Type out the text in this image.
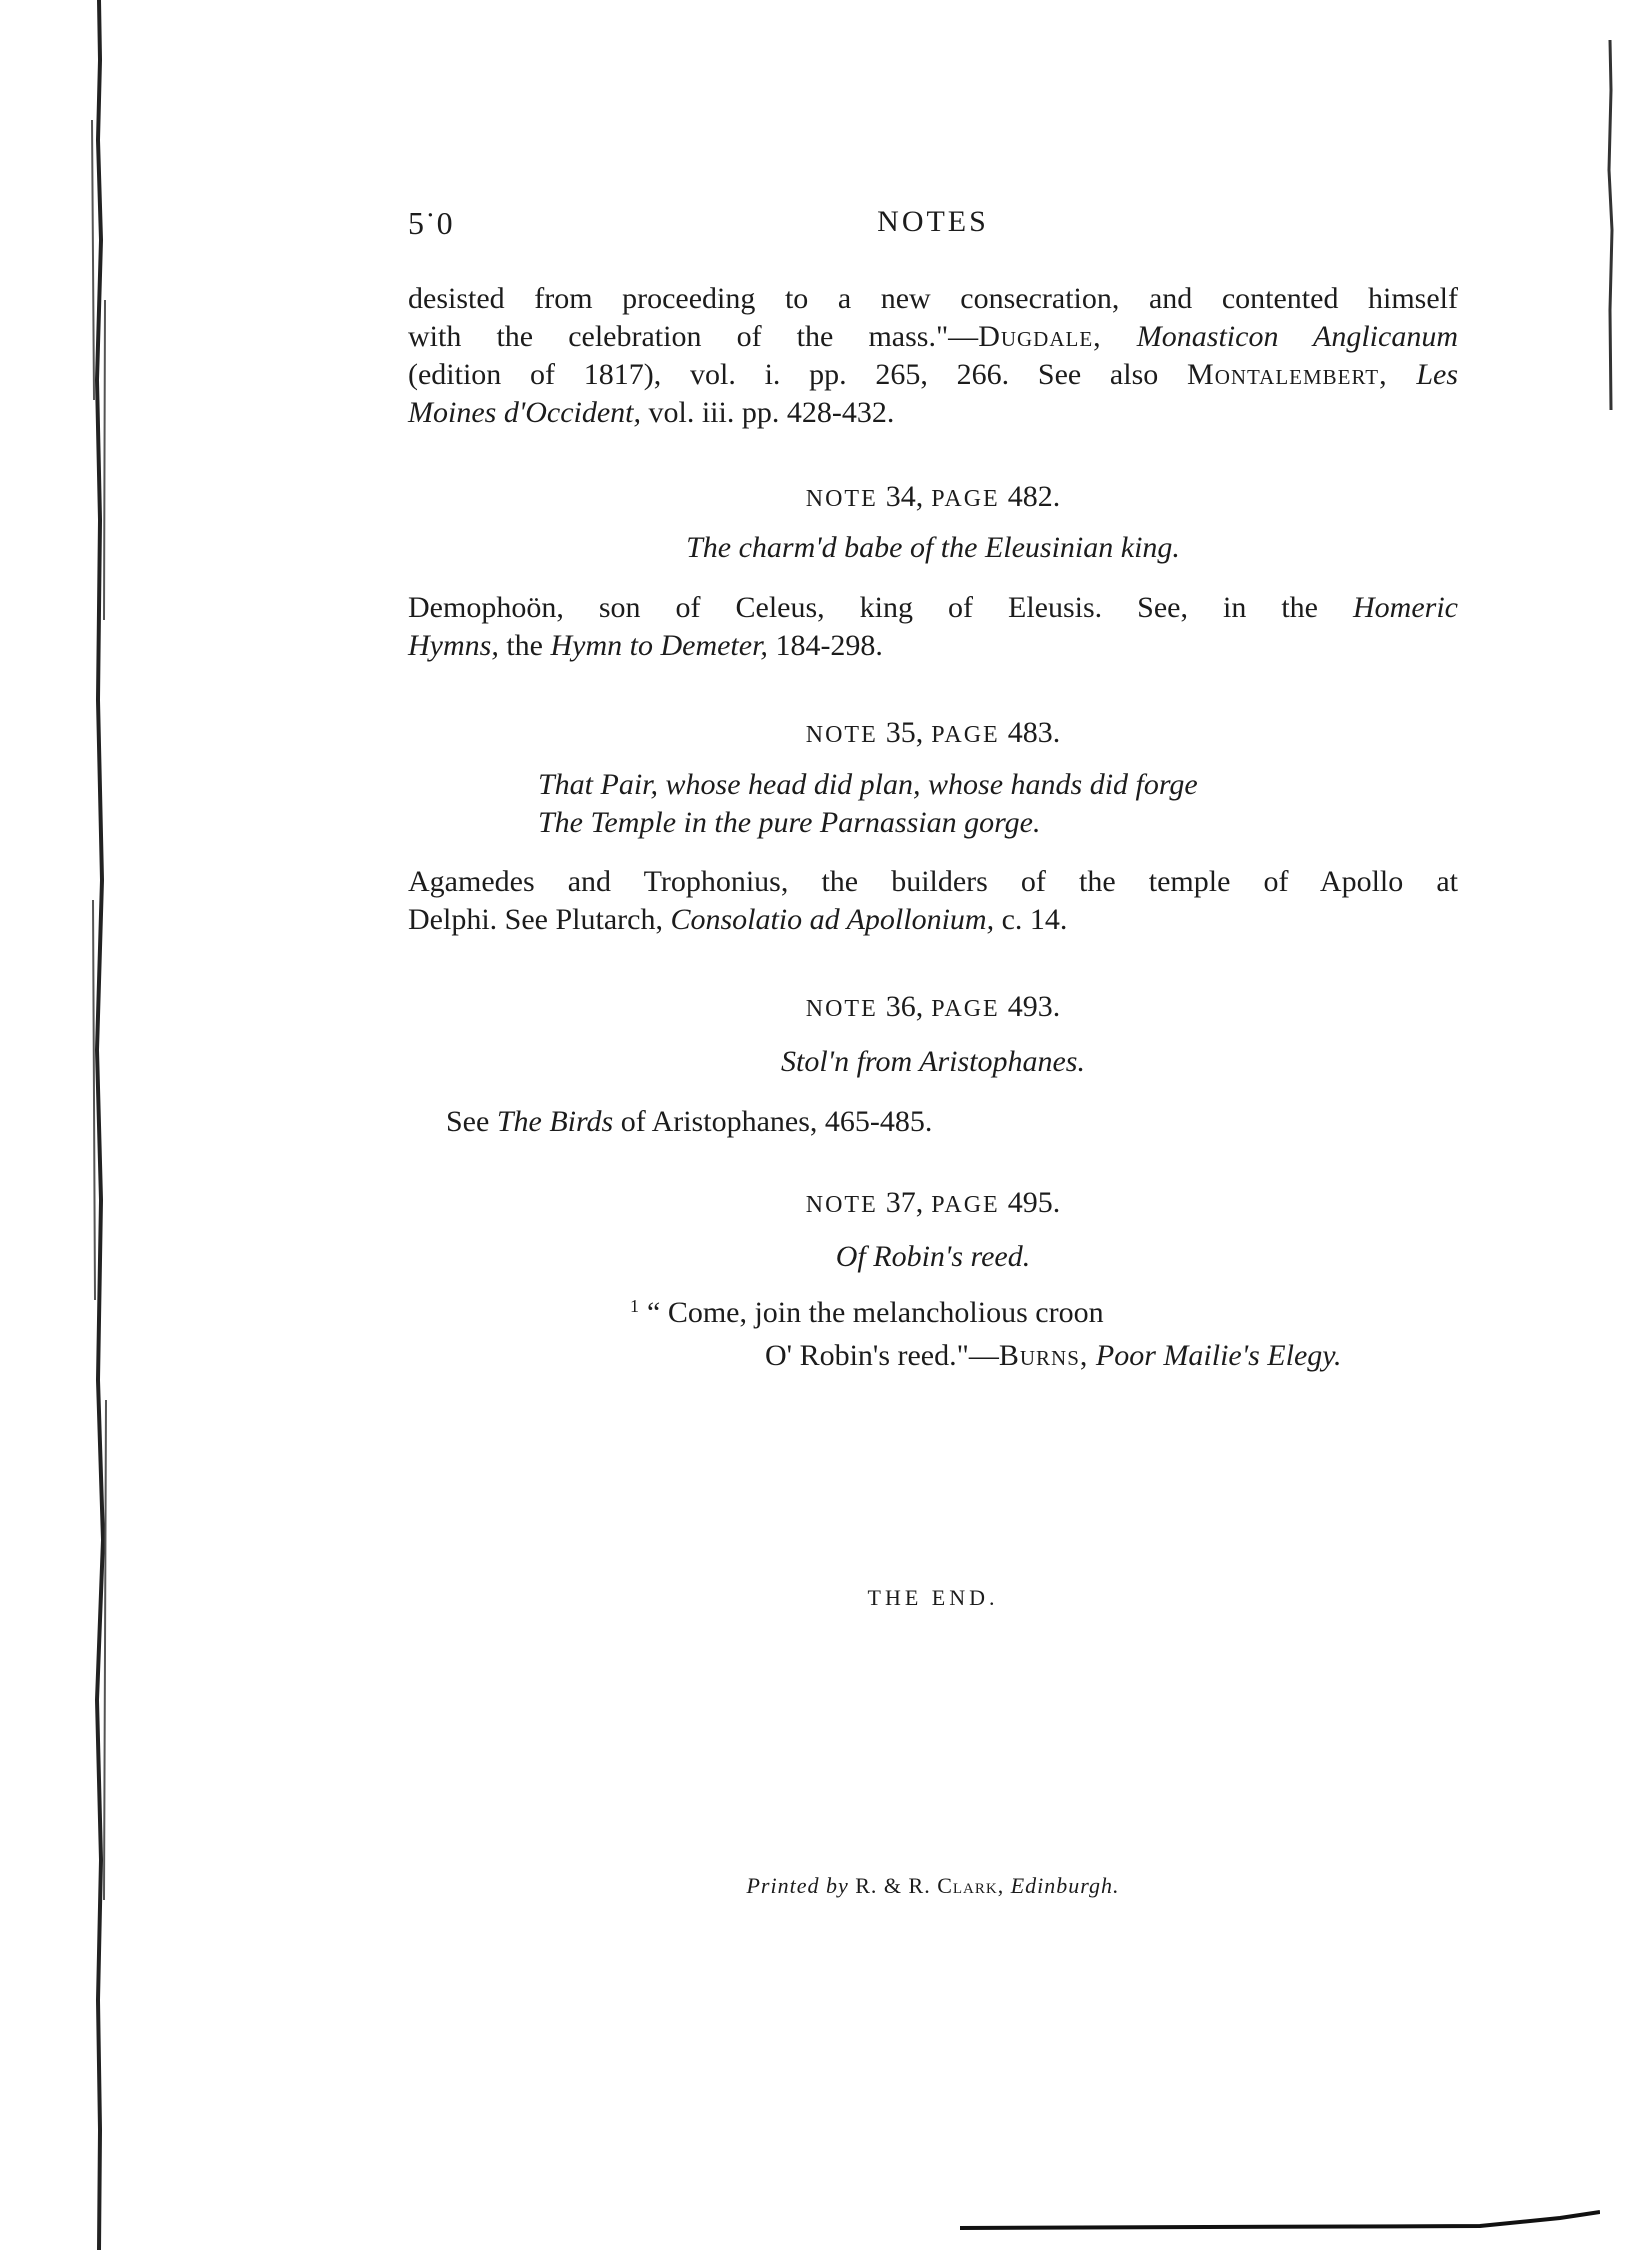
5˙0	NOTES
desisted from proceeding to a new consecration, and contented himself
with the celebration of the mass."—Dugdale, Monasticon Anglicanum
(edition of 1817), vol. i. pp. 265, 266. See also Montalembert, Les
Moines d'Occident, vol. iii. pp. 428-432.
NOTE 34, PAGE 482.
The charm'd babe of the Eleusinian king.
Demophoön, son of Celeus, king of Eleusis. See, in the Homeric
Hymns, the Hymn to Demeter, 184-298.
NOTE 35, PAGE 483.
That Pair, whose head did plan, whose hands did forge
The Temple in the pure Parnassian gorge.
Agamedes and Trophonius, the builders of the temple of Apollo at
Delphi. See Plutarch, Consolatio ad Apollonium, c. 14.
NOTE 36, PAGE 493.
Stol'n from Aristophanes.
See The Birds of Aristophanes, 465-485.
NOTE 37, PAGE 495.
Of Robin's reed.
$^1$ “ Come, join the melancholious croon
O' Robin's reed."—Burns, Poor Mailie's Elegy.
THE END.
Printed by R. & R. Clark, Edinburgh.
